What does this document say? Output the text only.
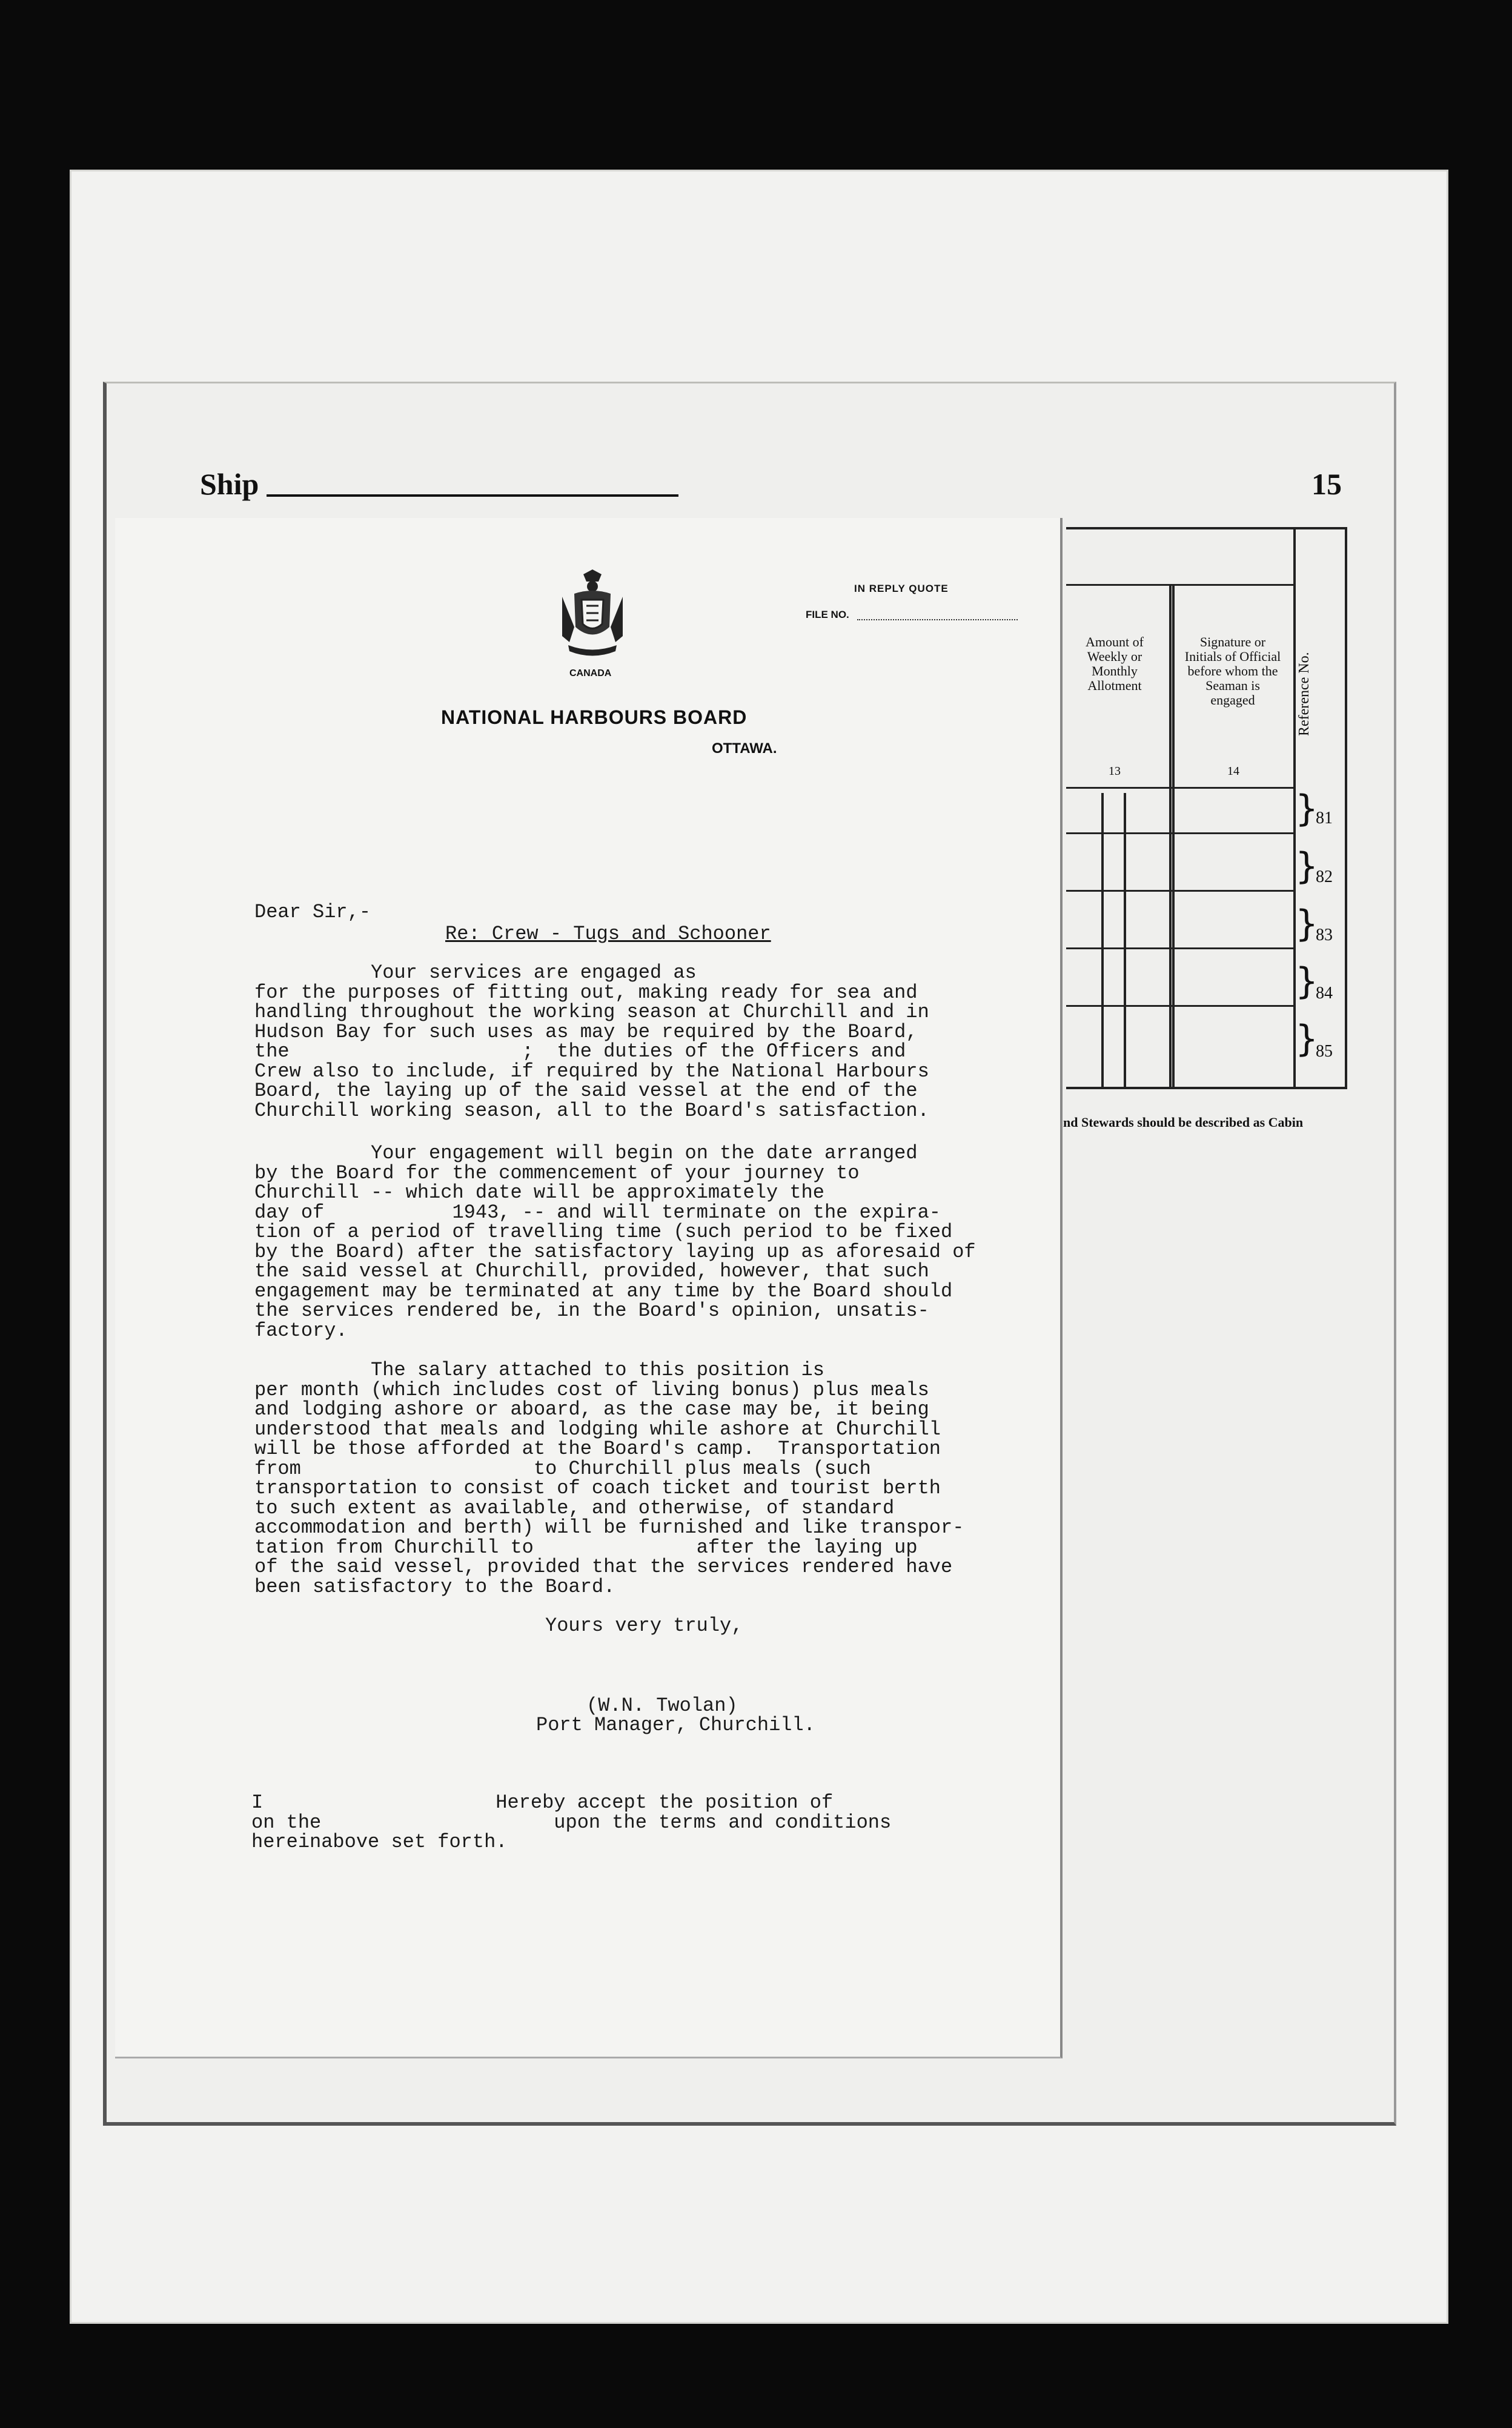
Ship	15
Amount of Weekly or Monthly Allotment
Signature or Initials of Official before whom the Seaman is engaged
13	14
Reference No.
}
81
}
82
}
83
}
84
}
85
nd Stewards should be described as Cabin
CANADA
IN REPLY QUOTE
FILE NO.
NATIONAL HARBOURS BOARD
OTTAWA.
Dear Sir,-
Re: Crew - Tugs and Schooner
Your services are engaged as
for the purposes of fitting out, making ready for sea and
handling throughout the working season at Churchill and in
Hudson Bay for such uses as may be required by the Board,
the                    ;  the duties of the Officers and
Crew also to include, if required by the National Harbours
Board, the laying up of the said vessel at the end of the
Churchill working season, all to the Board's satisfaction.
Your engagement will begin on the date arranged
by the Board for the commencement of your journey to
Churchill -- which date will be approximately the
day of           1943, -- and will terminate on the expira-
tion of a period of travelling time (such period to be fixed
by the Board) after the satisfactory laying up as aforesaid of
the said vessel at Churchill, provided, however, that such
engagement may be terminated at any time by the Board should
the services rendered be, in the Board's opinion, unsatis-
factory.
The salary attached to this position is
per month (which includes cost of living bonus) plus meals
and lodging ashore or aboard, as the case may be, it being
understood that meals and lodging while ashore at Churchill
will be those afforded at the Board's camp.  Transportation
from                    to Churchill plus meals (such
transportation to consist of coach ticket and tourist berth
to such extent as available, and otherwise, of standard
accommodation and berth) will be furnished and like transpor-
tation from Churchill to              after the laying up
of the said vessel, provided that the services rendered have
been satisfactory to the Board.
Yours very truly,
(W.N. Twolan)
Port Manager, Churchill.
I                    Hereby accept the position of
on the                    upon the terms and conditions
hereinabove set forth.
